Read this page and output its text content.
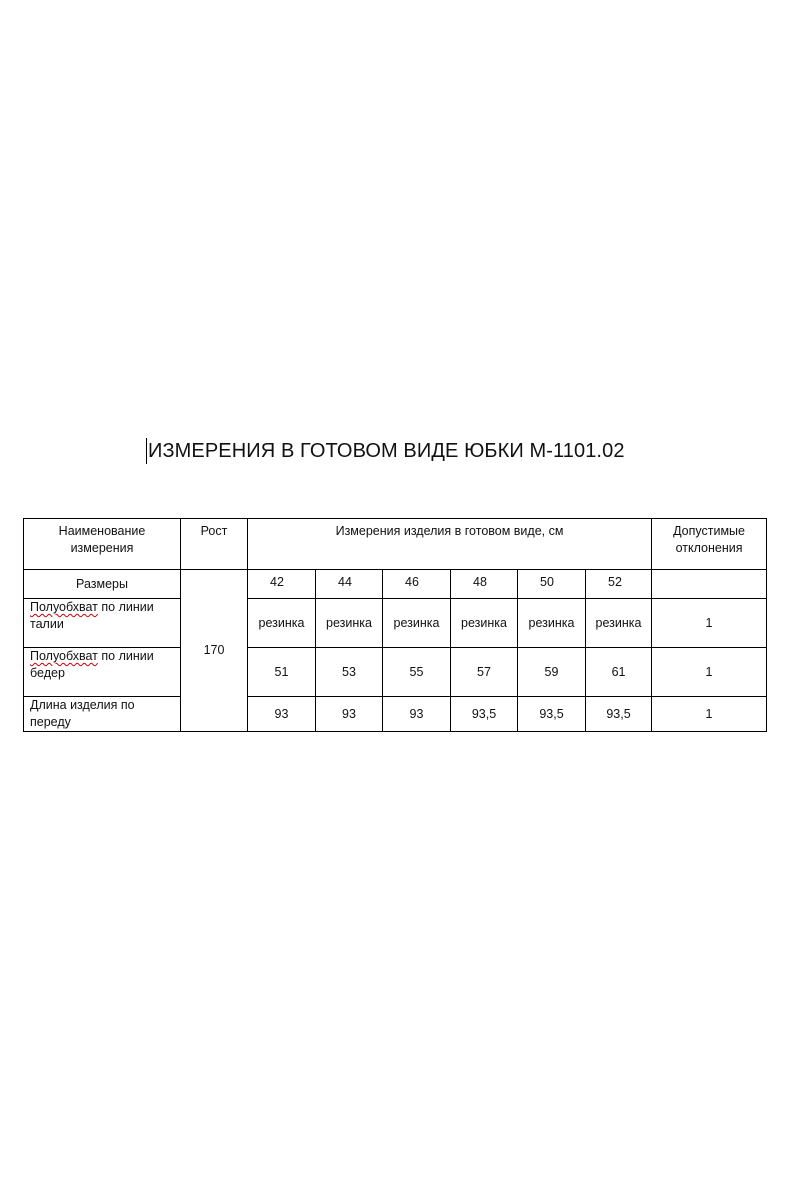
ИЗМЕРЕНИЯ В ГОТОВОМ ВИДЕ ЮБКИ М-1101.02
Наименование измерения	Рост	Измерения изделия в готовом виде, см						Допустимые отклонения
Размеры	170	42	44	46	48	50	52	
Полуобхват по линии талии		резинка	резинка	резинка	резинка	резинка	резинка	1
Полуобхват по линии бедер		51	53	55	57	59	61	1
Длина изделия по переду		93	93	93	93,5	93,5	93,5	1
